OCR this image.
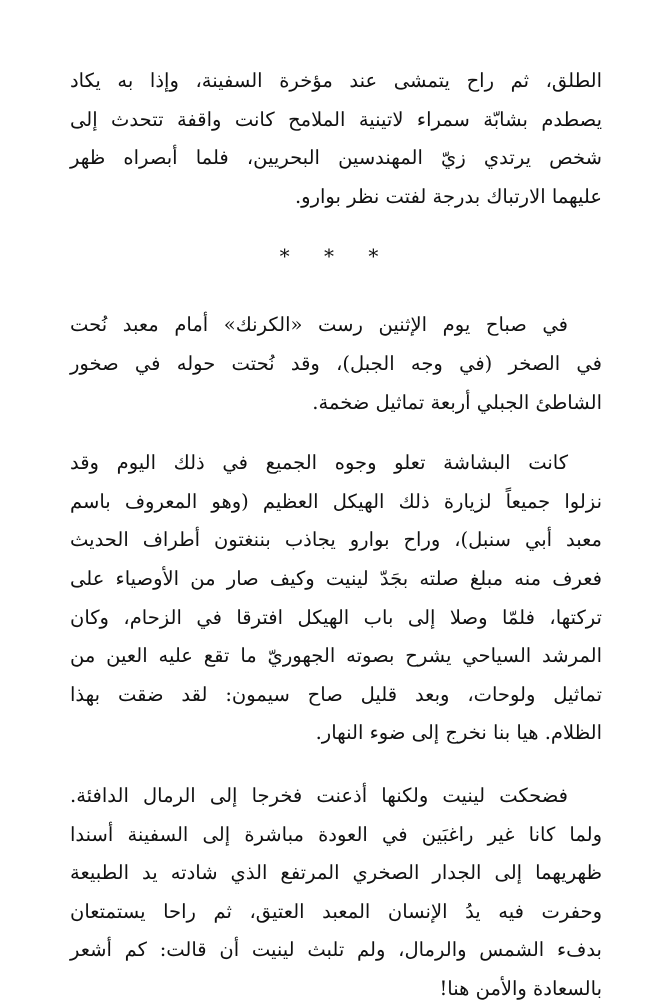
الطلق، ثم راح يتمشى عند مؤخرة السفينة، وإذا به يكاد
يصطدم بشابّة سمراء لاتينية الملامح كانت واقفة تتحدث إلى
شخص يرتدي زيّ المهندسين البحريين، فلما أبصراه ظهر
عليهما الارتباك بدرجة لفتت نظر بوارو.

* * *

في صباح يوم الإثنين رست «الكرنك» أمام معبد نُحت
في الصخر (في وجه الجبل)، وقد نُحتت حوله في صخور
الشاطئ الجبلي أربعة تماثيل ضخمة.

كانت البشاشة تعلو وجوه الجميع في ذلك اليوم وقد
نزلوا جميعاً لزيارة ذلك الهيكل العظيم (وهو المعروف باسم
معبد أبي سنبل)، وراح بوارو يجاذب بننغتون أطراف الحديث
فعرف منه مبلغ صلته بجَدّ لينيت وكيف صار من الأوصياء على
تركتها، فلمّا وصلا إلى باب الهيكل افترقا في الزحام، وكان
المرشد السياحي يشرح بصوته الجهوريّ ما تقع عليه العين من
تماثيل ولوحات، وبعد قليل صاح سيمون: لقد ضقت بهذا
الظلام. هيا بنا نخرج إلى ضوء النهار.

فضحكت لينيت ولكنها أذعنت فخرجا إلى الرمال الدافئة.
ولما كانا غير راغبَين في العودة مباشرة إلى السفينة أسندا
ظهريهما إلى الجدار الصخري المرتفع الذي شادته يد الطبيعة
وحفرت فيه يدُ الإنسان المعبد العتيق، ثم راحا يستمتعان
بدفء الشمس والرمال، ولم تلبث لينيت أن قالت: كم أشعر
بالسعادة والأمن هنا!
